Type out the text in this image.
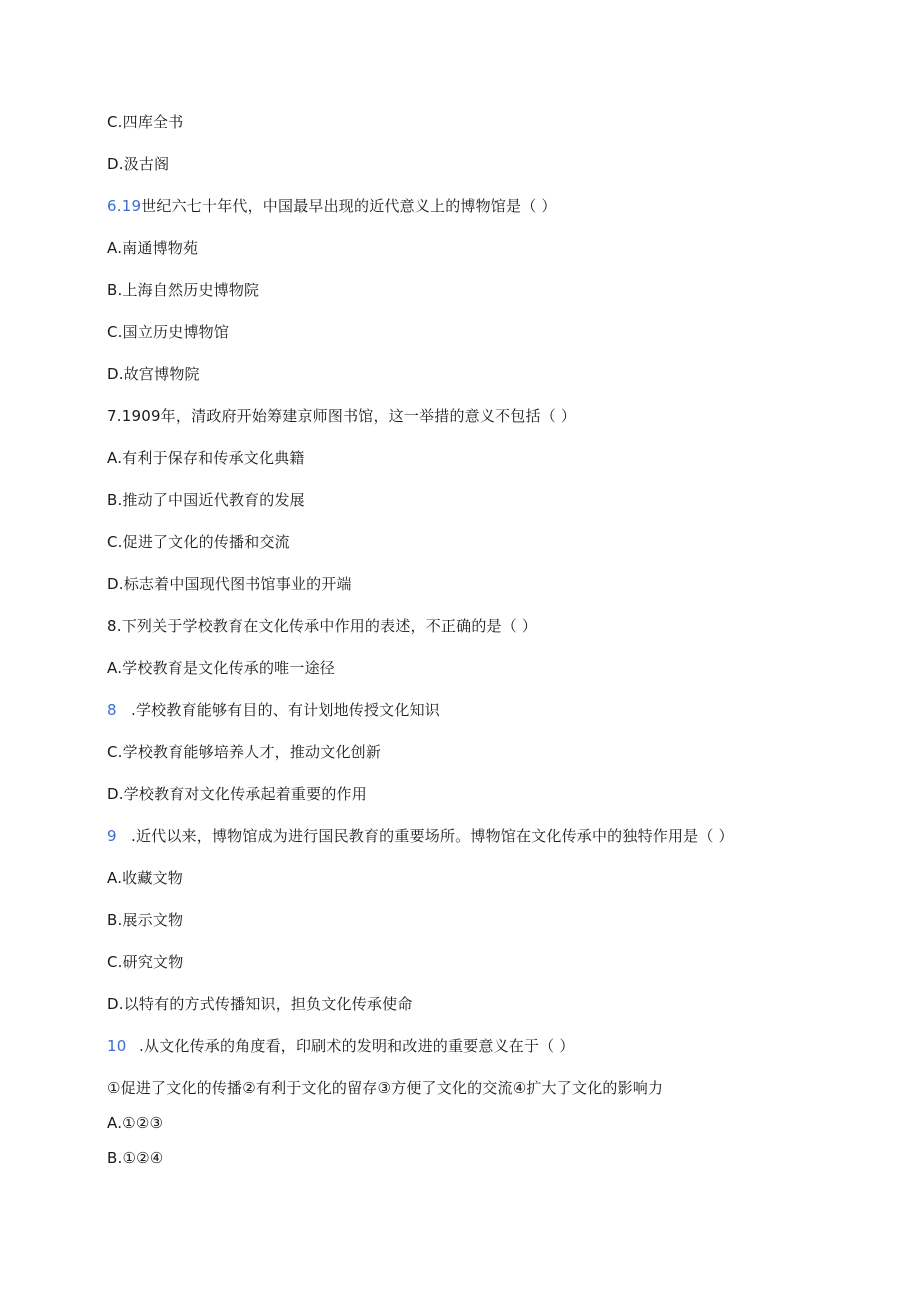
C.四库全书
D.汲古阁
6.19世纪六七十年代，中国最早出现的近代意义上的博物馆是（ ）
A.南通博物苑
B.上海自然历史博物院
C.国立历史博物馆
D.故宫博物院
7.1909年，清政府开始筹建京师图书馆，这一举措的意义不包括（ ）
A.有利于保存和传承文化典籍
B.推动了中国近代教育的发展
C.促进了文化的传播和交流
D.标志着中国现代图书馆事业的开端
8.下列关于学校教育在文化传承中作用的表述，不正确的是（ ）
A.学校教育是文化传承的唯一途径
8 .学校教育能够有目的、有计划地传授文化知识
C.学校教育能够培养人才，推动文化创新
D.学校教育对文化传承起着重要的作用
9 .近代以来，博物馆成为进行国民教育的重要场所。博物馆在文化传承中的独特作用是（ ）
A.收藏文物
B.展示文物
C.研究文物
D.以特有的方式传播知识，担负文化传承使命
10 .从文化传承的角度看，印刷术的发明和改进的重要意义在于（ ）
①促进了文化的传播②有利于文化的留存③方便了文化的交流④扩大了文化的影响力
A.①②③
B.①②④
